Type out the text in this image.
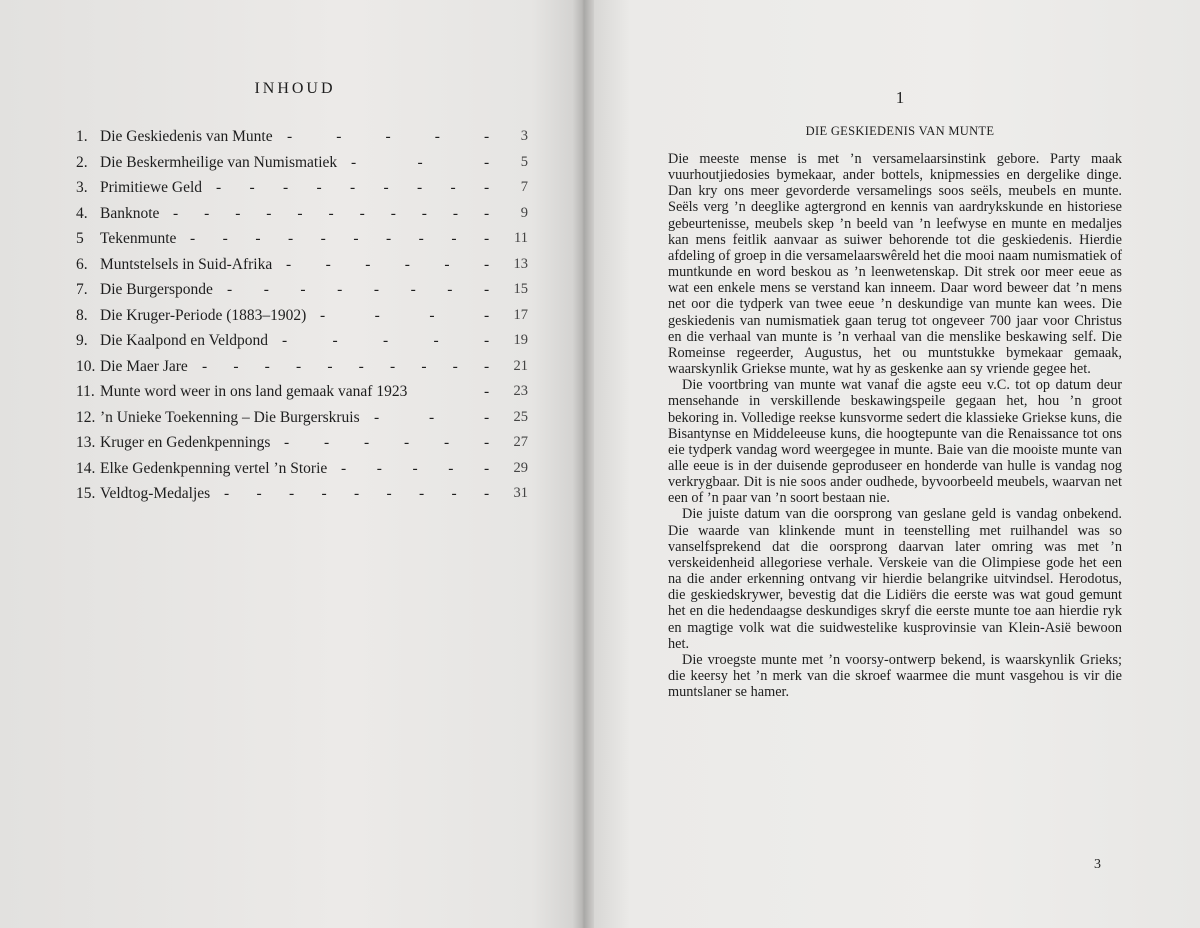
INHOUD
1. Die Geskiedenis van Munte -	-	-	-	-	3
2. Die Beskermheilige van Numismatiek -	-	-	5
3. Primitiewe Geld - - - - - - - - -	7
4. Banknote - - - - - - - - - - -	9
5 Tekenmunte - - - - - - - - - -	11
6. Muntstelsels in Suid-Afrika - - - - - -	13
7. Die Burgersponde - - - - - - - -	15
8. Die Kruger-Periode (1883–1902) -	-	-	-	17
9. Die Kaalpond en Veldpond -	-	-	-	-	19
10. Die Maer Jare - - - - - - - - - -	21
11. Munte word weer in ons land gemaak vanaf 1923	-	23
12. ’n Unieke Toekenning – Die Burgerskruis -	-	-	25
13. Kruger en Gedenkpennings - - - - - -	27
14. Elke Gedenkpenning vertel ’n Storie - - - - -	29
15. Veldtog-Medaljes - - - - - - - - -	31
1
DIE GESKIEDENIS VAN MUNTE

Die meeste mense is met ’n versamelaarsinstink gebore. Party maak vuurhoutjiedosies bymekaar, ander bottels, knipmessies en dergelike dinge. Dan kry ons meer gevorderde versamelings soos seëls, meubels en munte. Seëls verg ’n deeglike agtergrond en kennis van aardrykskunde en historiese gebeurtenisse, meubels skep ’n beeld van ’n leefwyse en munte en medaljes kan mens feitlik aanvaar as suiwer behorende tot die geskiedenis. Hierdie afdeling of groep in die versamelaarswêreld het die mooi naam numismatiek of muntkunde en word beskou as ’n leenwetenskap. Dit strek oor meer eeue as wat een enkele mens se verstand kan inneem. Daar word beweer dat ’n mens net oor die tydperk van twee eeue ’n deskundige van munte kan wees. Die geskiedenis van numismatiek gaan terug tot ongeveer 700 jaar voor Christus en die verhaal van munte is ’n verhaal van die menslike beskawing self. Die Romeinse regeerder, Augustus, het ou muntstukke bymekaar gemaak, waarskynlik Griekse munte, wat hy as geskenke aan sy vriende gegee het.

Die voortbring van munte wat vanaf die agste eeu v.C. tot op datum deur mensehande in verskillende beskawingspeile gegaan het, hou ’n groot bekoring in. Volledige reekse kunsvorme sedert die klassieke Griekse kuns, die Bisantynse en Middeleeuse kuns, die hoogtepunte van die Renaissance tot ons eie tydperk vandag word weergegee in munte. Baie van die mooiste munte van alle eeue is in der duisende geproduseer en honderde van hulle is vandag nog verkrygbaar. Dit is nie soos ander oudhede, byvoorbeeld meubels, waarvan net een of ’n paar van ’n soort bestaan nie.

Die juiste datum van die oorsprong van geslane geld is vandag onbekend. Die waarde van klinkende munt in teenstelling met ruilhandel was so vanselfsprekend dat die oorsprong daarvan later omring was met ’n verskeidenheid allegoriese verhale. Verskeie van die Olimpiese gode het een na die ander erkenning ontvang vir hierdie belangrike uitvindsel. Herodotus, die geskiedskrywer, bevestig dat die Lidiërs die eerste was wat goud gemunt het en die hedendaagse deskundiges skryf die eerste munte toe aan hierdie ryk en magtige volk wat die suidwestelike kusprovinsie van Klein-Asië bewoon het.

Die vroegste munte met ’n voorsy-ontwerp bekend, is waarskynlik Grieks; die keersy het ’n merk van die skroef waarmee die munt vasgehou is vir die muntslaner se hamer.

3
